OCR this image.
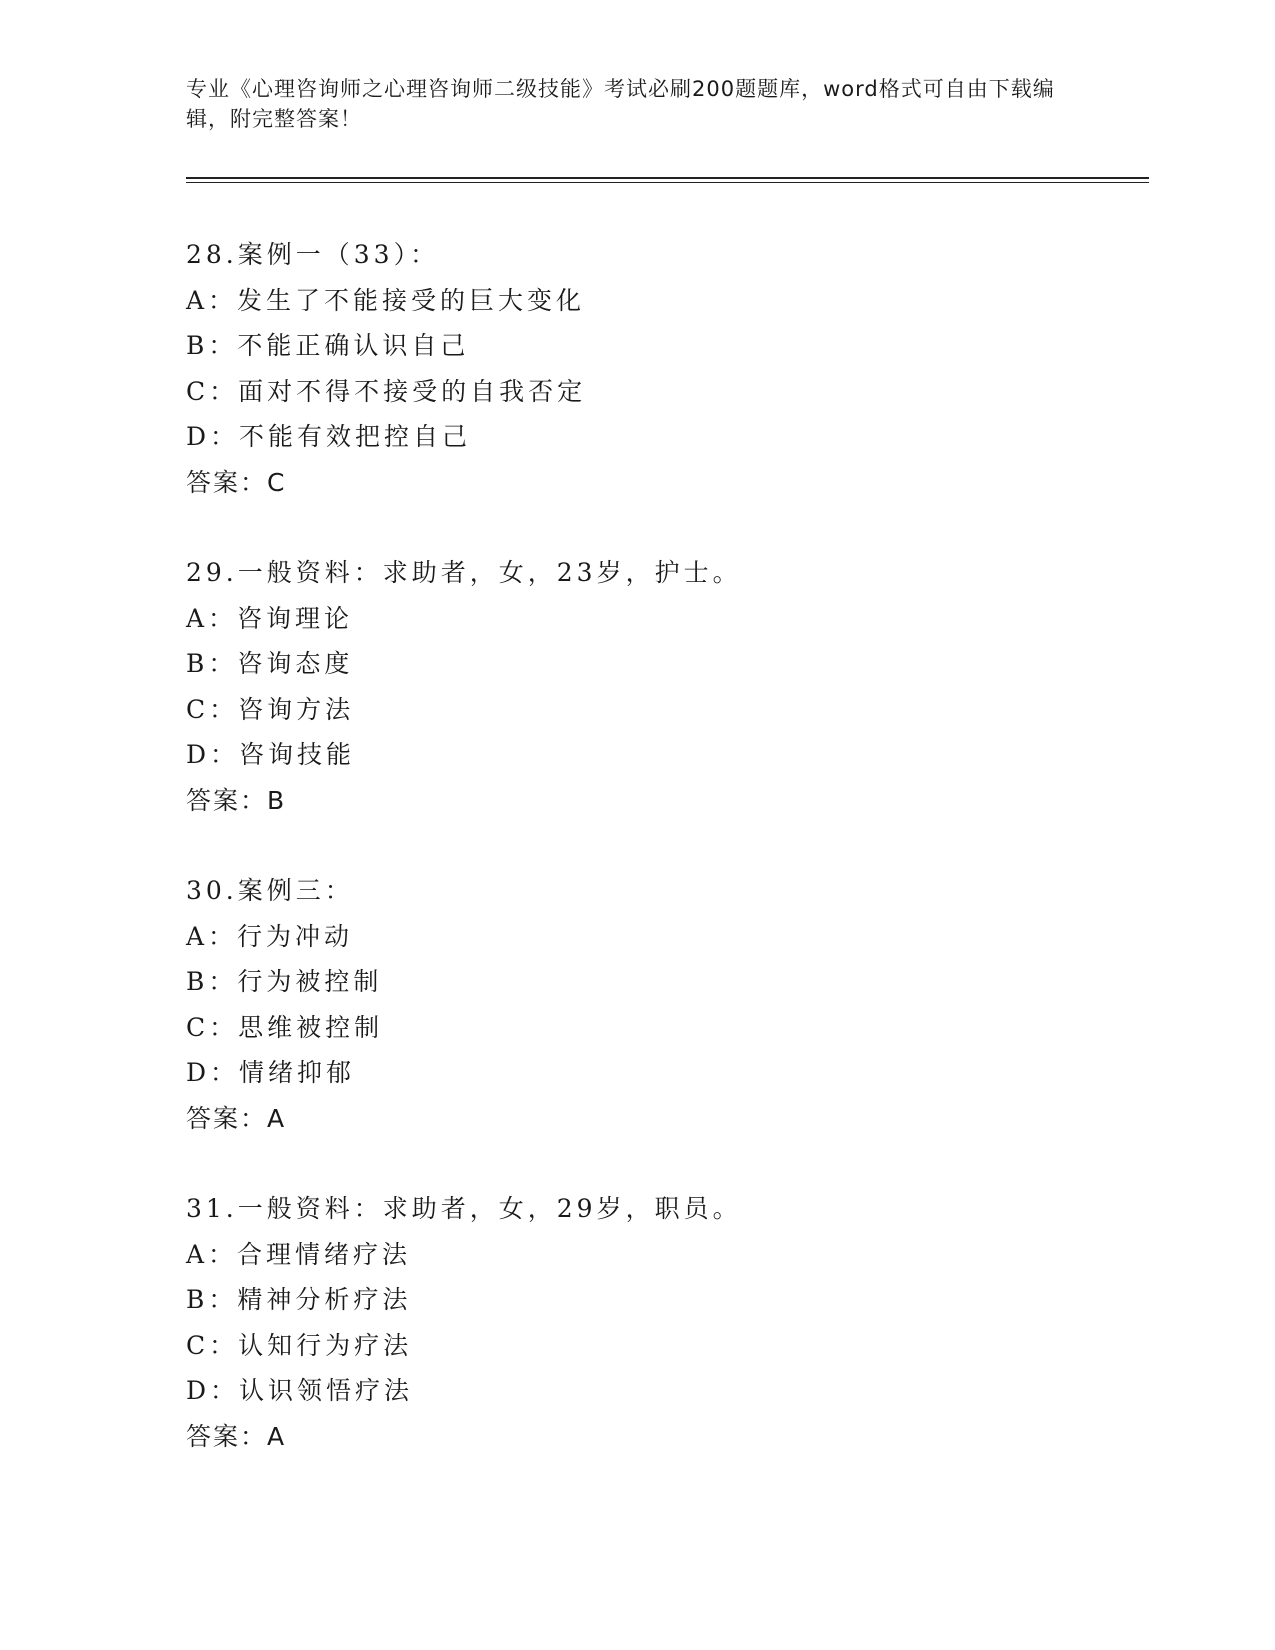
专业《心理咨询师之心理咨询师二级技能》考试必刷200题题库，word格式可自由下载编辑，附完整答案！
28.案例一（33）：
A：发生了不能接受的巨大变化
B：不能正确认识自己
C：面对不得不接受的自我否定
D：不能有效把控自己
答案：C
29.一般资料：求助者，女，23岁，护士。
A：咨询理论
B：咨询态度
C：咨询方法
D：咨询技能
答案：B
30.案例三：
A：行为冲动
B：行为被控制
C：思维被控制
D：情绪抑郁
答案：A
31.一般资料：求助者，女，29岁，职员。
A：合理情绪疗法
B：精神分析疗法
C：认知行为疗法
D：认识领悟疗法
答案：A
